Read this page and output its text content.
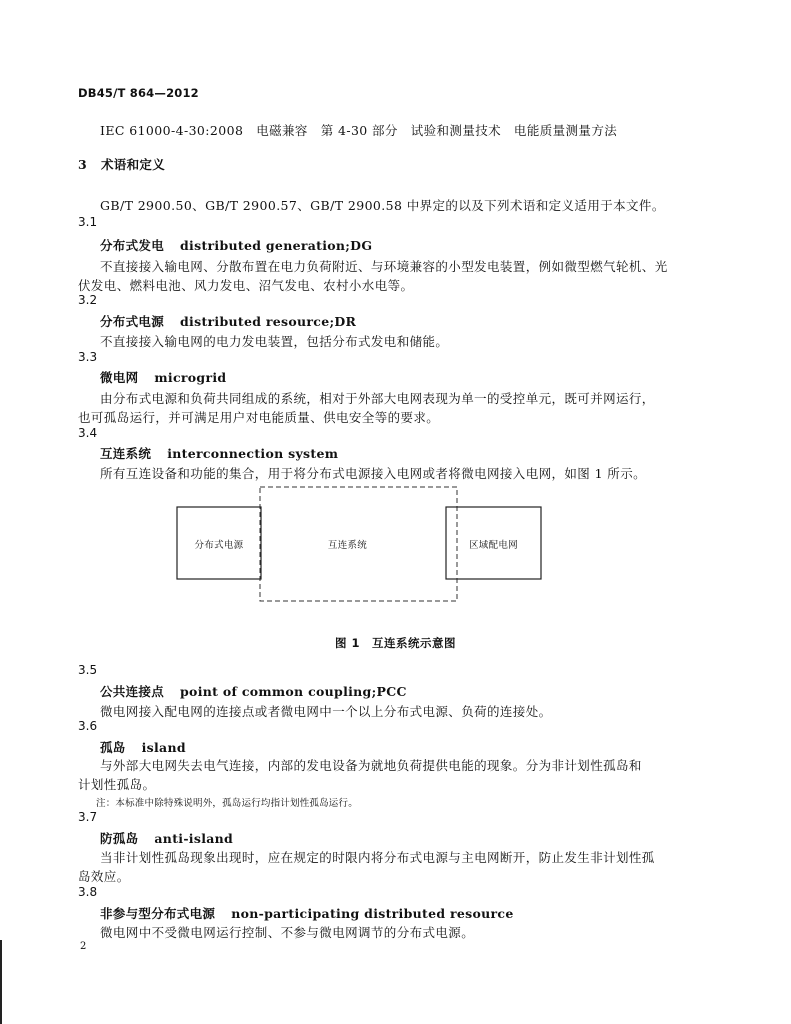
DB45/T 864—2012
IEC 61000-4-30:2008　电磁兼容　第 4-30 部分　试验和测量技术　电能质量测量方法
3 术语和定义
GB/T 2900.50、GB/T 2900.57、GB/T 2900.58 中界定的以及下列术语和定义适用于本文件。
3.1
分布式发电 distributed generation;DG
不直接接入输电网、分散布置在电力负荷附近、与环境兼容的小型发电装置，例如微型燃气轮机、光
伏发电、燃料电池、风力发电、沼气发电、农村小水电等。
3.2
分布式电源 distributed resource;DR
不直接接入输电网的电力发电装置，包括分布式发电和储能。
3.3
微电网 microgrid
由分布式电源和负荷共同组成的系统，相对于外部大电网表现为单一的受控单元，既可并网运行，
也可孤岛运行，并可满足用户对电能质量、供电安全等的要求。
3.4
互连系统 interconnection system
所有互连设备和功能的集合，用于将分布式电源接入电网或者将微电网接入电网，如图 1 所示。
分布式电源	互连系统	区域配电网
图 1　互连系统示意图
3.5
公共连接点 point of common coupling;PCC
微电网接入配电网的连接点或者微电网中一个以上分布式电源、负荷的连接处。
3.6
孤岛 island
与外部大电网失去电气连接，内部的发电设备为就地负荷提供电能的现象。分为非计划性孤岛和
计划性孤岛。
注：本标准中除特殊说明外，孤岛运行均指计划性孤岛运行。
3.7
防孤岛 anti-island
当非计划性孤岛现象出现时，应在规定的时限内将分布式电源与主电网断开，防止发生非计划性孤
岛效应。
3.8
非参与型分布式电源 non-participating distributed resource
微电网中不受微电网运行控制、不参与微电网调节的分布式电源。
2
